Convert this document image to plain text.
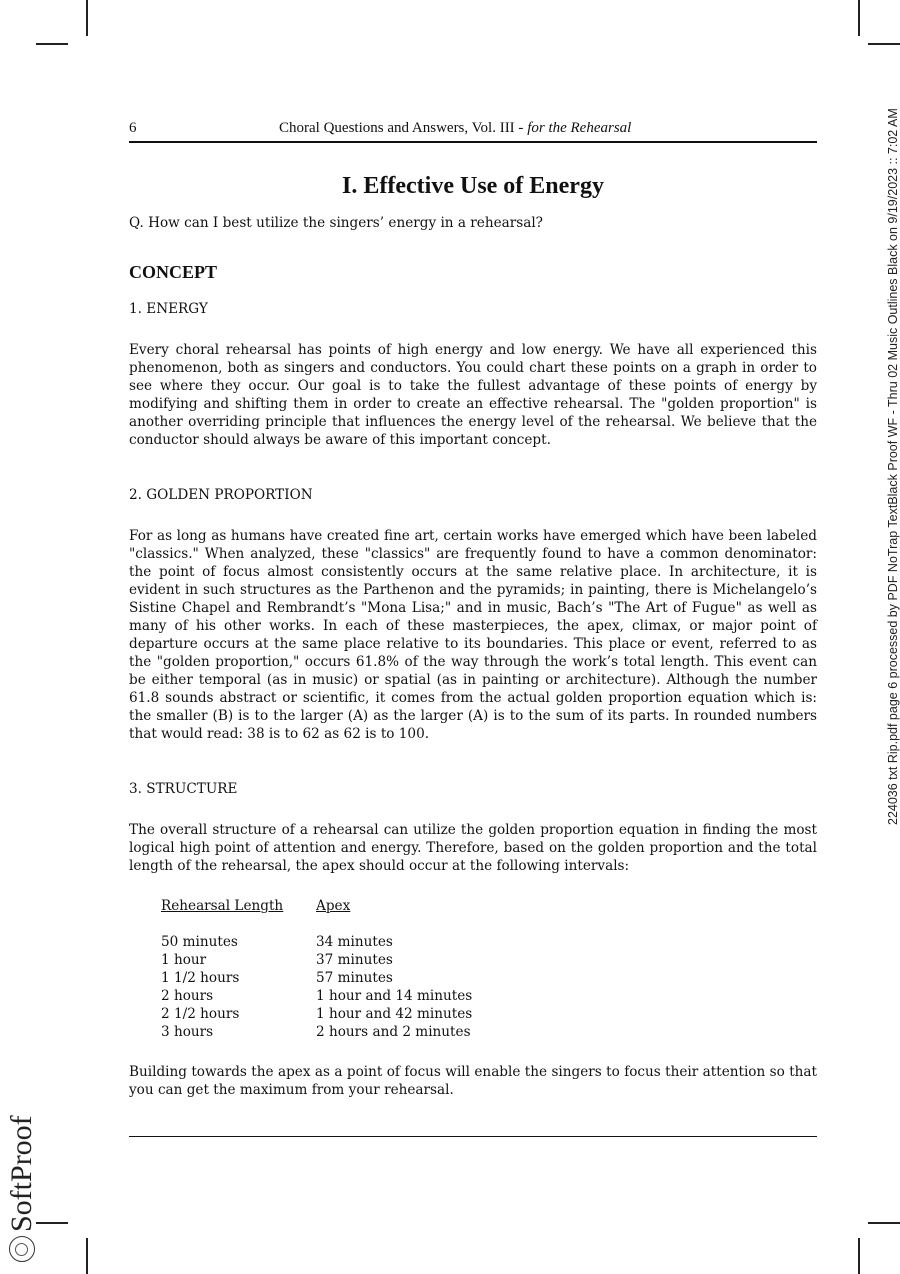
6	Choral Questions and Answers, Vol. III - for the Rehearsal
I. Effective Use of Energy

Q. How can I best utilize the singers’ energy in a rehearsal?

CONCEPT
1. ENERGY

Every choral rehearsal has points of high energy and low energy. We have all experienced this phenomenon, both as singers and conductors. You could chart these points on a graph in order to see where they occur. Our goal is to take the fullest advantage of these points of energy by modifying and shifting them in order to create an effective rehearsal. The "golden proportion" is another overriding principle that influences the energy level of the rehearsal. We believe that the conductor should always be aware of this important concept.

2. GOLDEN PROPORTION

For as long as humans have created fine art, certain works have emerged which have been labeled "classics." When analyzed, these "classics" are frequently found to have a common denominator: the point of focus almost consistently occurs at the same relative place. In architecture, it is evident in such structures as the Parthenon and the pyramids; in painting, there is Michelangelo’s Sistine Chapel and Rembrandt’s "Mona Lisa;" and in music, Bach’s "The Art of Fugue" as well as many of his other works. In each of these masterpieces, the apex, climax, or major point of departure occurs at the same place relative to its boundaries. This place or event, referred to as the "golden proportion," occurs 61.8% of the way through the work’s total length. This event can be either temporal (as in music) or spatial (as in painting or architecture). Although the number 61.8 sounds abstract or scientific, it comes from the actual golden proportion equation which is: the smaller (B) is to the larger (A) as the larger (A) is to the sum of its parts. In rounded numbers that would read: 38 is to 62 as 62 is to 100.

3. STRUCTURE

The overall structure of a rehearsal can utilize the golden proportion equation in finding the most logical high point of attention and energy. Therefore, based on the golden proportion and the total length of the rehearsal, the apex should occur at the following intervals:

Rehearsal Length	Apex
50 minutes	34 minutes
1 hour	37 minutes
1 1/2 hours	57 minutes
2 hours	1 hour and 14 minutes
2 1/2 hours	1 hour and 42 minutes
3 hours	2 hours and 2 minutes

Building towards the apex as a point of focus will enable the singers to focus their attention so that you can get the maximum from your rehearsal.

224036 txt Rip.pdf page 6 processed by PDF NoTrap TextBlack Proof WF - Thru 02 Music Outlines Black on 9/19/2023 :: 7:02 AM
SoftProof
